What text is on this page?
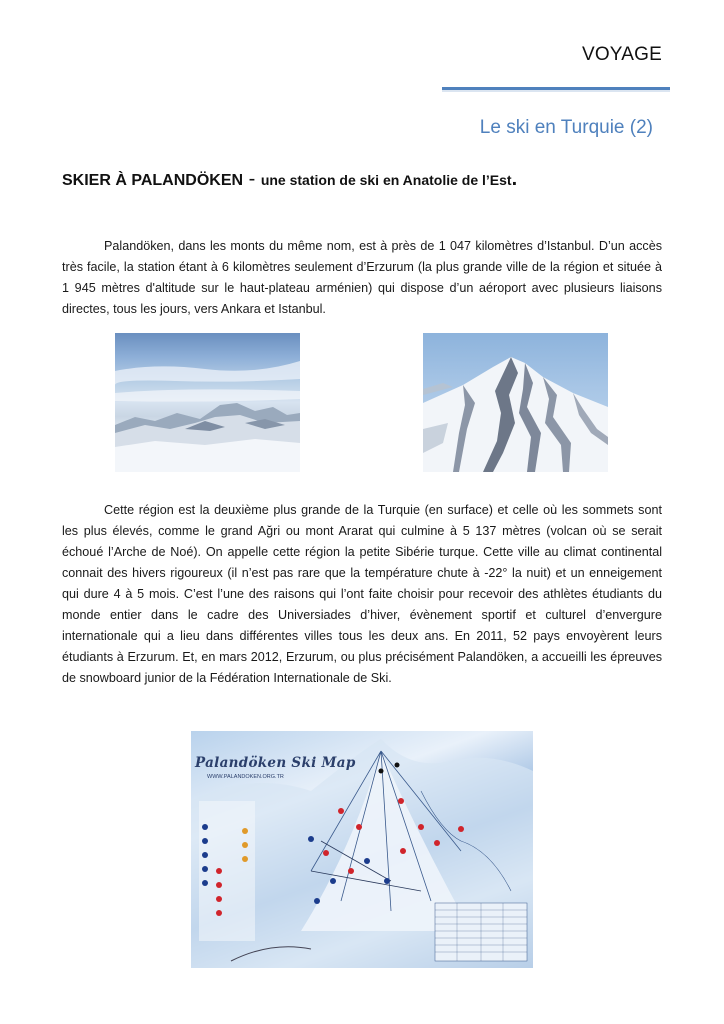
VOYAGE
Le ski en Turquie (2)
SKIER À PALANDÖKEN - une station de ski en Anatolie de l’Est.

Palandöken, dans les monts du même nom, est à près de 1 047 kilomètres d’Istanbul. D’un accès très facile, la station étant à 6 kilomètres seulement d’Erzurum (la plus grande ville de la région et située à 1 945 mètres d'altitude sur le haut-plateau arménien) qui dispose d’un aéroport avec plusieurs liaisons directes, tous les jours, vers Ankara et Istanbul.

Cette région est la deuxième plus grande de la Turquie (en surface) et celle où les sommets sont les plus élevés, comme le grand Ağri ou mont Ararat qui culmine à 5 137 mètres (volcan où se serait échoué l’Arche de Noé). On appelle cette région la petite Sibérie turque. Cette ville au climat continental connait des hivers rigoureux (il n’est pas rare que la température chute à -22° la nuit) et un enneigement qui dure 4 à 5 mois. C’est l’une des raisons qui l’ont faite choisir pour recevoir des athlètes étudiants du monde entier dans le cadre des Universiades d’hiver, évènement sportif et culturel d’envergure internationale qui a lieu dans différentes villes tous les deux ans. En 2011, 52 pays envoyèrent leurs étudiants à Erzurum. Et, en mars 2012, Erzurum, ou plus précisément Palandöken, a accueilli les épreuves de snowboard junior de la Fédération Internationale de Ski.

Palandöken Ski Map
WWW.PALANDOKEN.ORG.TR
